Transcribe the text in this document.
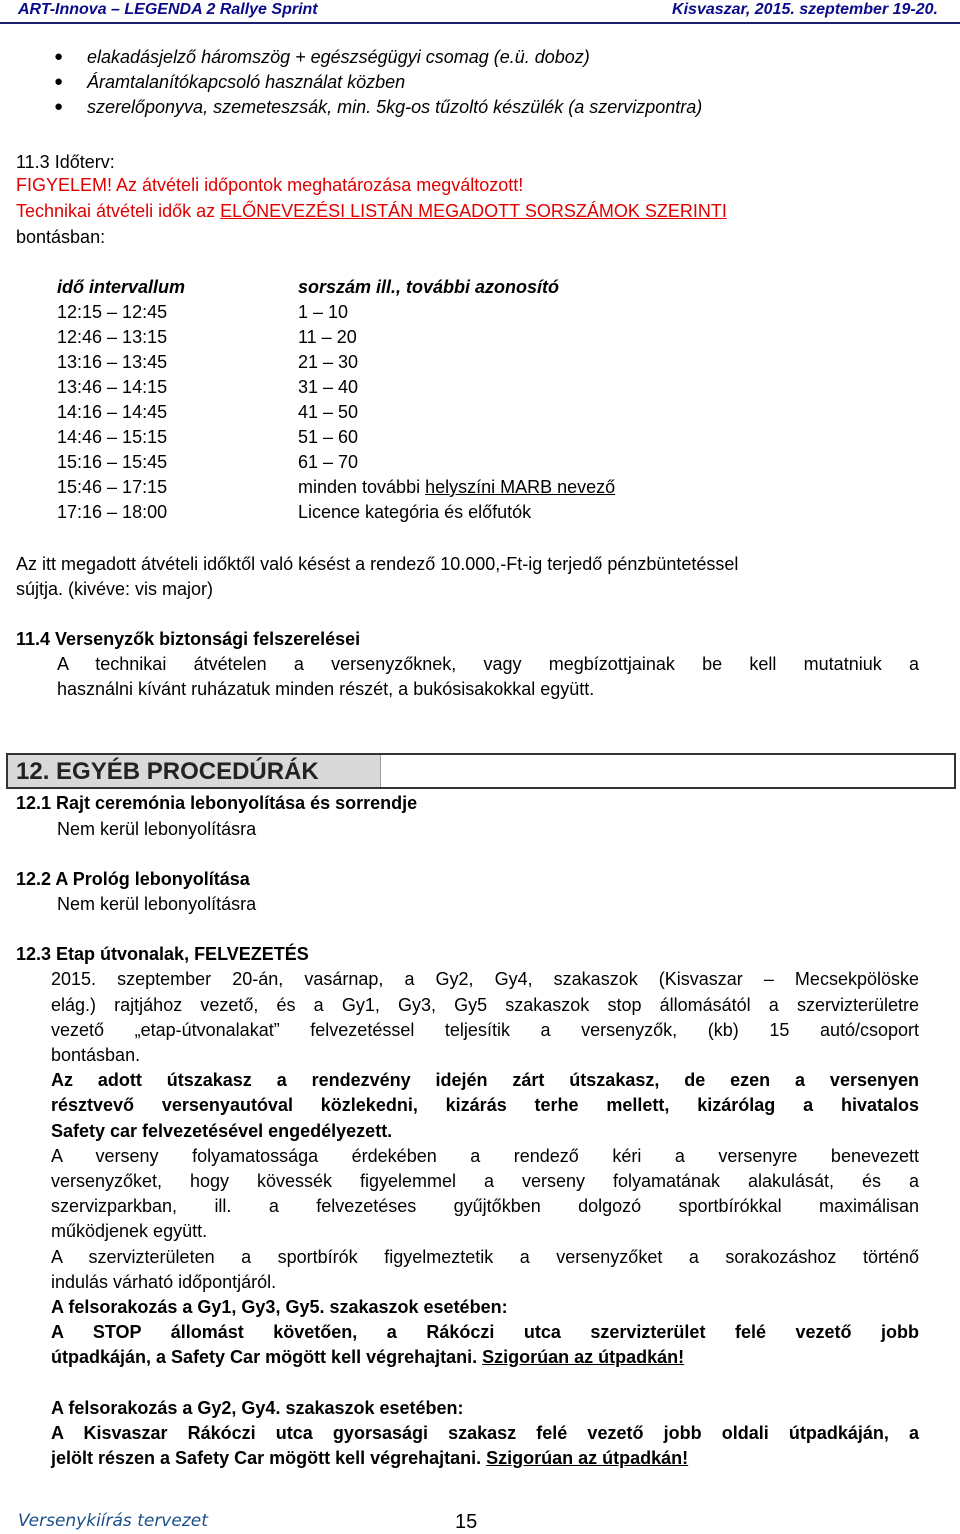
ART-Innova – LEGENDA 2 Rallye Sprint	Kisvaszar, 2015. szeptember 19-20.
● elakadásjelző háromszög + egészségügyi csomag (e.ü. doboz)
● Áramtalanítókapcsoló használat közben
● szerelőponyva, szemeteszsák, min. 5kg-os tűzoltó készülék (a szervizpontra)
11.3 Időterv:
FIGYELEM! Az átvételi időpontok meghatározása megváltozott!
Technikai átvételi idők az ELŐNEVEZÉSI LISTÁN MEGADOTT SORSZÁMOK SZERINTI
bontásban:
idő intervallum	sorszám ill., további azonosító
12:15 – 12:45	1 – 10
12:46 – 13:15	11 – 20
13:16 – 13:45	21 – 30
13:46 – 14:15	31 – 40
14:16 – 14:45	41 – 50
14:46 – 15:15	51 – 60
15:16 – 15:45	61 – 70
15:46 – 17:15	minden további helyszíni MARB nevező
17:16 – 18:00	Licence kategória és előfutók
Az itt megadott átvételi időktől való késést a rendező 10.000,-Ft-ig terjedő pénzbüntetéssel
sújtja. (kivéve: vis major)
11.4 Versenyzők biztonsági felszerelései
A technikai átvételen a versenyzőknek, vagy megbízottjainak be kell mutatniuk a
használni kívánt ruházatuk minden részét, a bukósisakokkal együtt.
12. EGYÉB PROCEDÚRÁK
12.1 Rajt ceremónia lebonyolítása és sorrendje
Nem kerül lebonyolításra
12.2 A Prológ lebonyolítása
Nem kerül lebonyolításra
12.3 Etap útvonalak, FELVEZETÉS
2015. szeptember 20-án, vasárnap, a Gy2, Gy4, szakaszok (Kisvaszar – Mecsekpölöske
elág.) rajtjához vezető, és a Gy1, Gy3, Gy5 szakaszok stop állomásától a szervizterületre
vezető „etap-útvonalakat” felvezetéssel teljesítik a versenyzők, (kb) 15 autó/csoport
bontásban.
Az adott útszakasz a rendezvény idején zárt útszakasz, de ezen a versenyen
résztvevő versenyautóval közlekedni, kizárás terhe mellett, kizárólag a hivatalos
Safety car felvezetésével engedélyezett.
A verseny folyamatossága érdekében a rendező kéri a versenyre benevezett
versenyzőket, hogy kövessék figyelemmel a verseny folyamatának alakulását, és a
szervizparkban, ill. a felvezetéses gyűjtőkben dolgozó sportbírókkal maximálisan
működjenek együtt.
A szervizterületen a sportbírók figyelmeztetik a versenyzőket a sorakozáshoz történő
indulás várható időpontjáról.
A felsorakozás a Gy1, Gy3, Gy5. szakaszok esetében:
A STOP állomást követően, a Rákóczi utca szervizterület felé vezető jobb
útpadkáján, a Safety Car mögött kell végrehajtani. Szigorúan az útpadkán!
A felsorakozás a Gy2, Gy4. szakaszok esetében:
A Kisvaszar Rákóczi utca gyorsasági szakasz felé vezető jobb oldali útpadkáján, a
jelölt részen a Safety Car mögött kell végrehajtani. Szigorúan az útpadkán!
Versenykiírás tervezet	15
